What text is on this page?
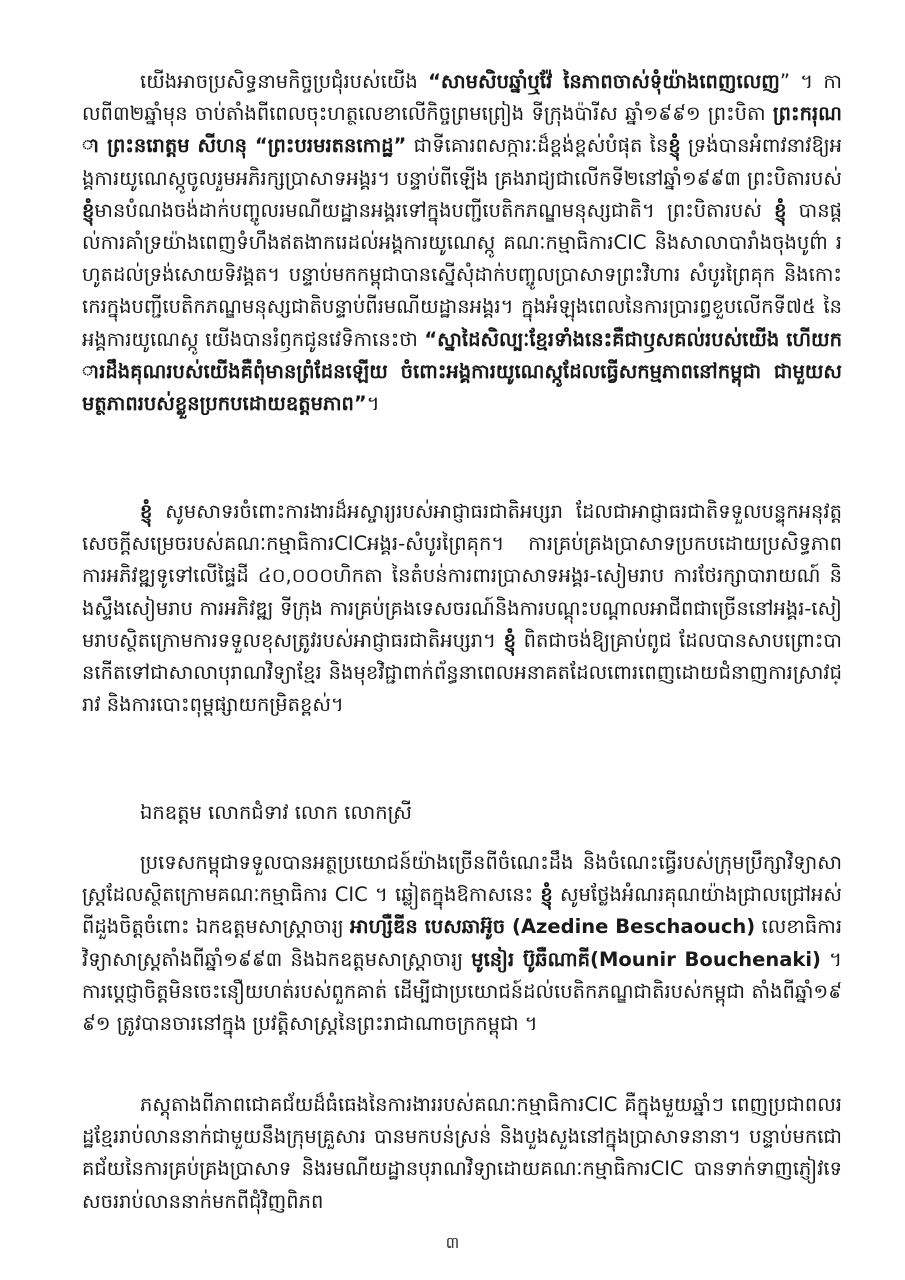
យើងអាចប្រសិទ្ធនាមកិច្ចប្រជុំរបស់យើង “សាមសិបឆ្នាំឬវ៉ែ នៃភាពចាស់ទុំយ៉ាងពេញលេញ” ។ កាលពី៣២ឆ្នាំមុន ចាប់តាំងពីពេលចុះហត្ថលេខាលើកិច្ចព្រមព្រៀង ទីក្រុងប៉ារីស ឆ្នាំ១៩៩១ ព្រះបិតា ព្រះករុណា ព្រះនរោត្តម សីហនុ “ព្រះបរមរតនកោដ្ឋ” ជាទីគោរពសក្ការៈដ៏ខ្ពង់ខ្ពស់បំផុត នៃខ្ញុំ ទ្រង់បានអំពាវនាវឱ្យអង្គការយូណេស្កូចូលរួមអភិរក្សប្រាសាទអង្គរ។ បន្ទាប់ពីឡើង គ្រងរាជ្យជាលើកទី២នៅឆ្នាំ១៩៩៣ ព្រះបិតារបស់ខ្ញុំមានបំណងចង់ដាក់បញ្ចូលរមណីយដ្ឋានអង្គរទៅក្នុងបញ្ជីបេតិកភណ្ឌមនុស្សជាតិ។ ព្រះបិតារបស់ ខ្ញុំ បានផ្តល់ការគាំទ្រយ៉ាងពេញទំហឹងឥតងាករេដល់អង្គការយូណេស្កូ គណៈកម្មាធិការCIC និងសាលាបារាំងចុងបូព៌ា រហូតដល់ទ្រង់សោយទិវង្គត។ បន្ទាប់មកកម្ពុជាបានស្នើសុំដាក់បញ្ចូលប្រាសាទព្រះវិហារ សំបូរព្រៃគុក និងកោះកេរក្នុងបញ្ជីបេតិកភណ្ឌមនុស្សជាតិបន្ទាប់ពីរមណីយដ្ឋានអង្គរ។ ក្នុងអំឡុងពេលនៃការប្រារព្ធខួបលើកទី៧៥ នៃអង្គការយូណេស្កូ យើងបានរំឭកជូនវេទិកានេះថា “ស្នាដៃសិល្បៈខ្មែរទាំងនេះគឺជាឫសគល់របស់យើង ហើយការដឹងគុណរបស់យើងគឺពុំមានព្រំដែនឡើយ ចំពោះអង្គការយូណេស្កូដែលធ្វើសកម្មភាពនៅកម្ពុជា ជាមួយសមត្ថភាពរបស់ខ្លួនប្រកបដោយឧត្តមភាព”។

ខ្ញុំ សូមសាទរចំពោះការងារដ៏អស្ចារ្យរបស់អាជ្ញាធរជាតិអប្សរា ដែលជាអាជ្ញាធរជាតិទទួលបន្ទុកអនុវត្តសេចក្តីសម្រេចរបស់គណៈកម្មាធិការCICអង្គរ-សំបូរព្រៃគុក។ ការគ្រប់គ្រងប្រាសាទប្រកបដោយប្រសិទ្ធភាព ការអភិវឌ្ឍទូទៅលើផ្ទៃដី ៤០,០០០ហិកតា នៃតំបន់ការពារប្រាសាទអង្គរ-សៀមរាប ការថែរក្សាបារាយណ៍ និងស្ទឹងសៀមរាប ការអភិវឌ្ឍ ទីក្រុង ការគ្រប់គ្រងទេសចរណ៍និងការបណ្តុះបណ្តាលអាជីពជាច្រើននៅអង្គរ-សៀមរាបស្ថិតក្រោមការទទួលខុសត្រូវរបស់អាជ្ញាធរជាតិអប្សរា។ ខ្ញុំ ពិតជាចង់ឱ្យគ្រាប់ពូជ ដែលបានសាបព្រោះបានកើតទៅជាសាលាបុរាណវិទ្យាខ្មែរ និងមុខវិជ្ជាពាក់ព័ន្ធនាពេលអនាគតដែលពោរពេញដោយជំនាញការស្រាវជ្រាវ និងការបោះពុម្ពផ្សាយកម្រិតខ្ពស់។

ឯកឧត្តម លោកជំទាវ លោក លោកស្រី

ប្រទេសកម្ពុជាទទួលបានអត្ថប្រយោជន៍យ៉ាងច្រើនពីចំណេះដឹង និងចំណេះធ្វើរបស់ក្រុមប្រឹក្សាវិទ្យាសាស្ត្រដែលស្ថិតក្រោមគណៈកម្មាធិការ CIC ។ ឆ្លៀតក្នុងឱកាសនេះ ខ្ញុំ សូមថ្លែងអំណរគុណយ៉ាងជ្រាលជ្រៅអស់ពីដួងចិត្តចំពោះ ឯកឧត្តមសាស្ត្រាចារ្យ អាហ្សឺឌីន បេសឆាអ៊ូច (Azedine Beschaouch) លេខាធិការវិទ្យាសាស្ត្រតាំងពីឆ្នាំ១៩៩៣ និងឯកឧត្តមសាស្ត្រាចារ្យ មូនៀរ ប៊ូឆឺណាគី(Mounir Bouchenaki) ។ ការប្តេជ្ញាចិត្តមិនចេះនឿយហត់របស់ពួកគាត់ ដើម្បីជាប្រយោជន៍ដល់បេតិកភណ្ឌជាតិរបស់កម្ពុជា តាំងពីឆ្នាំ១៩៩១ ត្រូវបានចារនៅក្នុង ប្រវត្តិសាស្ត្រនៃព្រះរាជាណាចក្រកម្ពុជា ។

ភស្តុតាងពីភាពជោគជ័យដ៏ធំធេងនៃការងាររបស់គណៈកម្មាធិការCIC គឺក្នុងមួយឆ្នាំៗ ពេញប្រជាពលរដ្ឋខ្មែររាប់លាននាក់ជាមួយនឹងក្រុមគ្រួសារ បានមកបន់ស្រន់ និងបួងសួងនៅក្នុងប្រាសាទនានា។ បន្ទាប់មកជោគជ័យនៃការគ្រប់គ្រងប្រាសាទ និងរមណីយដ្ឋានបុរាណវិទ្យាដោយគណៈកម្មាធិការCIC បានទាក់ទាញភ្ញៀវទេសចររាប់លាននាក់មកពីជុំវិញពិភព

៣
